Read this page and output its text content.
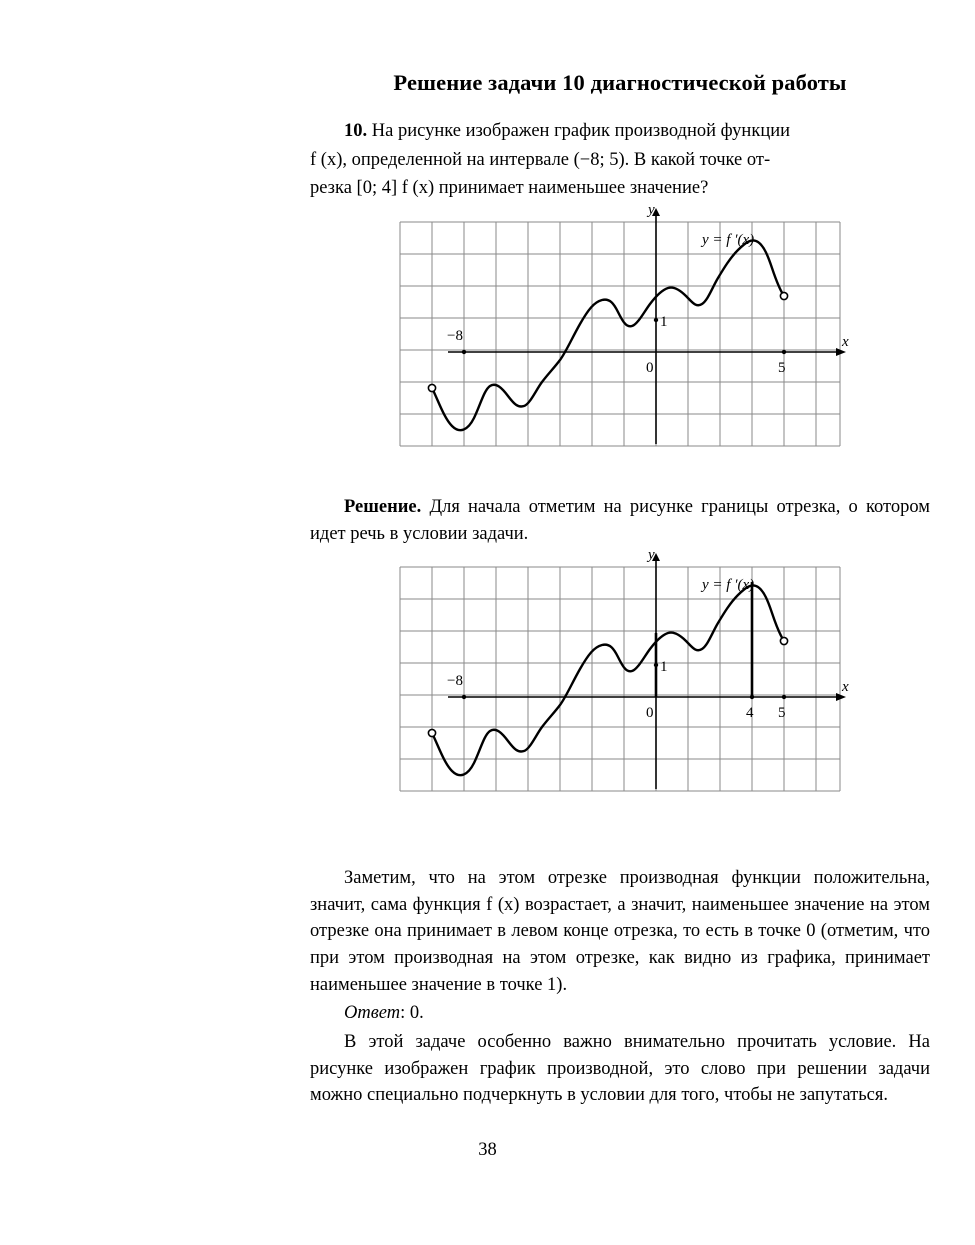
Решение задачи 10 диагностической работы

10. На рисунке изображен график производной функции

f (x), определенной на интервале (−8; 5). В какой точке от-

резка [0; 4] f (x) принимает наименьшее значение?

y
x
−8
1
0	5
y = f ′(x)

Решение. Для начала отметим на рисунке границы отрезка, о котором идет речь в условии задачи.

y
x
−8
1
0	4 5
y = f ′(x)

Заметим, что на этом отрезке производная функции положительна, значит, сама функция f (x) возрастает, а значит, наименьшее значение на этом отрезке она принимает в левом конце отрезка, то есть в точке 0 (отметим, что при этом производная на этом отрезке, как видно из графика, принимает наименьшее значение в точке 1).

Ответ: 0.

В этой задаче особенно важно внимательно прочитать условие. На рисунке изображен график производной, это слово при решении задачи можно специально подчеркнуть в условии для того, чтобы не запутаться.

38
